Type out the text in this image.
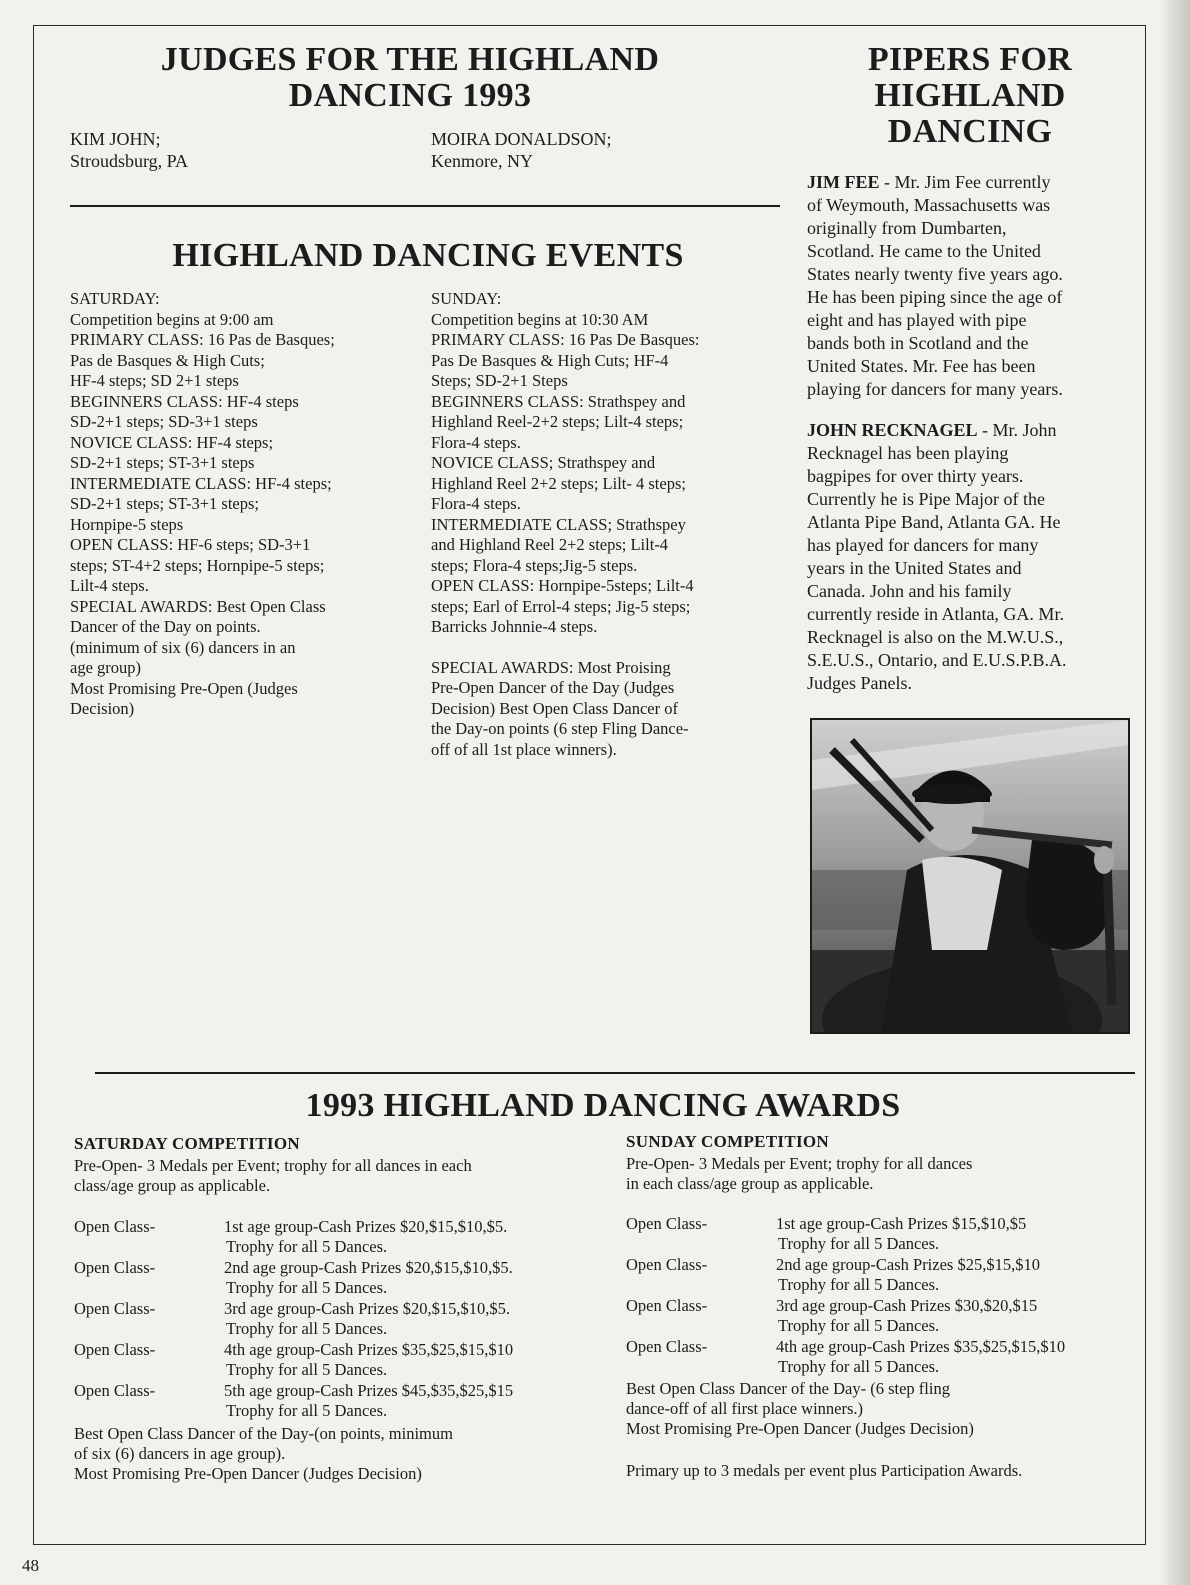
JUDGES FOR THE HIGHLAND
DANCING 1993
KIM JOHN;
Stroudsburg, PA
MOIRA DONALDSON;
Kenmore, NY
HIGHLAND DANCING EVENTS
SATURDAY:
Competition begins at 9:00 am
PRIMARY CLASS: 16 Pas de Basques;
Pas de Basques & High Cuts;
HF-4 steps; SD 2+1 steps
BEGINNERS CLASS: HF-4 steps
SD-2+1 steps; SD-3+1 steps
NOVICE CLASS: HF-4 steps;
SD-2+1 steps; ST-3+1 steps
INTERMEDIATE CLASS: HF-4 steps;
SD-2+1 steps; ST-3+1 steps;
Hornpipe-5 steps
OPEN CLASS: HF-6 steps; SD-3+1
steps; ST-4+2 steps; Hornpipe-5 steps;
Lilt-4 steps.
SPECIAL AWARDS: Best Open Class
Dancer of the Day on points.
(minimum of six (6) dancers in an
age group)
Most Promising Pre-Open (Judges
Decision)
SUNDAY:
Competition begins at 10:30 AM
PRIMARY CLASS: 16 Pas De Basques:
Pas De Basques & High Cuts; HF-4
Steps; SD-2+1 Steps
BEGINNERS CLASS: Strathspey and
Highland Reel-2+2 steps; Lilt-4 steps;
Flora-4 steps.
NOVICE CLASS; Strathspey and
Highland Reel 2+2 steps; Lilt- 4 steps;
Flora-4 steps.
INTERMEDIATE CLASS; Strathspey
and Highland Reel 2+2 steps; Lilt-4
steps; Flora-4 steps;Jig-5 steps.
OPEN CLASS: Hornpipe-5steps; Lilt-4
steps; Earl of Errol-4 steps; Jig-5 steps;
Barricks Johnnie-4 steps.
SPECIAL AWARDS: Most Proising
Pre-Open Dancer of the Day (Judges
Decision) Best Open Class Dancer of
the Day-on points (6 step Fling Dance-
off of all 1st place winners).
PIPERS FOR
HIGHLAND
DANCING
JIM FEE - Mr. Jim Fee currently
of Weymouth, Massachusetts was
originally from Dumbarten,
Scotland. He came to the United
States nearly twenty five years ago.
He has been piping since the age of
eight and has played with pipe
bands both in Scotland and the
United States. Mr. Fee has been
playing for dancers for many years.
JOHN RECKNAGEL - Mr. John
Recknagel has been playing
bagpipes for over thirty years.
Currently he is Pipe Major of the
Atlanta Pipe Band, Atlanta GA. He
has played for dancers for many
years in the United States and
Canada. John and his family
currently reside in Atlanta, GA. Mr.
Recknagel is also on the M.W.U.S.,
S.E.U.S., Ontario, and E.U.S.P.B.A.
Judges Panels.
1993 HIGHLAND DANCING AWARDS
SATURDAY COMPETITION
Pre-Open- 3 Medals per Event; trophy for all dances in each
class/age group as applicable.
Open Class-	1st age group-Cash Prizes $20,$15,$10,$5.
Trophy for all 5 Dances.
Open Class-	2nd age group-Cash Prizes $20,$15,$10,$5.
Trophy for all 5 Dances.
Open Class-	3rd age group-Cash Prizes $20,$15,$10,$5.
Trophy for all 5 Dances.
Open Class-	4th age group-Cash Prizes $35,$25,$15,$10
Trophy for all 5 Dances.
Open Class-	5th age group-Cash Prizes $45,$35,$25,$15
Trophy for all 5 Dances.
Best Open Class Dancer of the Day-(on points, minimum
of six (6) dancers in age group).
Most Promising Pre-Open Dancer (Judges Decision)
SUNDAY COMPETITION
Pre-Open- 3 Medals per Event; trophy for all dances
in each class/age group as applicable.
Open Class-	1st age group-Cash Prizes $15,$10,$5
Trophy for all 5 Dances.
Open Class-	2nd age group-Cash Prizes $25,$15,$10
Trophy for all 5 Dances.
Open Class-	3rd age group-Cash Prizes $30,$20,$15
Trophy for all 5 Dances.
Open Class-	4th age group-Cash Prizes $35,$25,$15,$10
Trophy for all 5 Dances.
Best Open Class Dancer of the Day- (6 step fling
dance-off of all first place winners.)
Most Promising Pre-Open Dancer (Judges Decision)
Primary up to 3 medals per event plus Participation Awards.
48
